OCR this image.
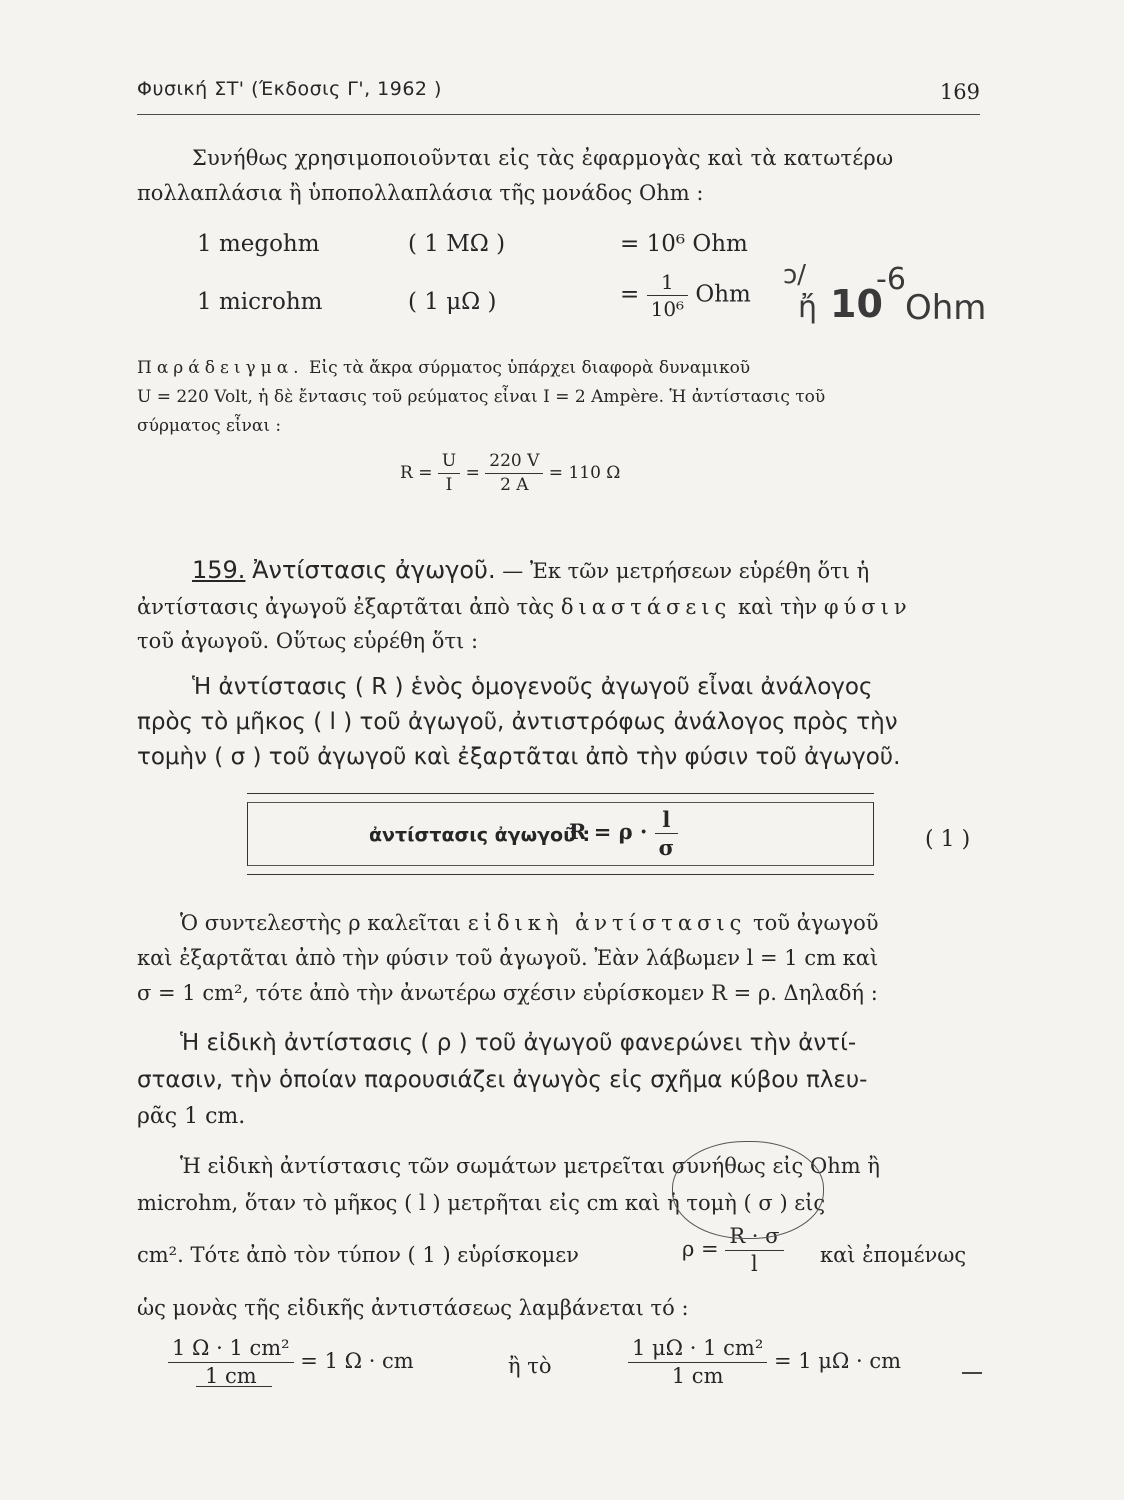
Φυσική ΣΤ' (Έκδοσις Γ', 1962 )	169
Συνήθως χρησιμοποιοῦνται εἰς τὰς ἐφαρμογὰς καὶ τὰ κατωτέρω
πολλαπλάσια ἢ ὑποπολλαπλάσια τῆς μονάδος Ohm :
1 megohm	( 1 MΩ )	= 10⁶ Ohm
1 microhm	( 1 μΩ )	= $\frac{1}{\text{10⁶}}$ Ohm
ͻ/
ἤ 10
-6
Ohm
Παράδειγμα. Εἰς τὰ ἄκρα σύρματος ὑπάρχει διαφορὰ δυναμικοῦ
U = 220 Volt, ἡ δὲ ἔντασις τοῦ ρεύματος εἶναι I = 2 Ampère. Ἡ ἀντίστασις τοῦ
σύρματος εἶναι :
$R = \frac{U}{I} = \frac{220 V}{2 A} = 110$ Ω
159. Ἀντίστασις ἀγωγοῦ. — Ἐκ τῶν μετρήσεων εὑρέθη ὅτι ἡ
ἀντίστασις ἀγωγοῦ ἐξαρτᾶται ἀπὸ τὰς διαστάσεις καὶ τὴν φύσιν
τοῦ ἀγωγοῦ. Οὕτως εὑρέθη ὅτι :
Ἡ ἀντίστασις ( R ) ἑνὸς ὁμογενοῦς ἀγωγοῦ εἶναι ἀνάλογος
πρὸς τὸ μῆκος ( l ) τοῦ ἀγωγοῦ, ἀντιστρόφως ἀνάλογος πρὸς τὴν
τομὴν ( σ ) τοῦ ἀγωγοῦ καὶ ἐξαρτᾶται ἀπὸ τὴν φύσιν τοῦ ἀγωγοῦ.
ἀντίστασις ἀγωγοῦ :
$R = \rho \cdot \frac{l}{\sigma}$	( 1 )
Ὁ συντελεστὴς ρ καλεῖται εἰδικὴ ἀντίστασις τοῦ ἀγωγοῦ
καὶ ἐξαρτᾶται ἀπὸ τὴν φύσιν τοῦ ἀγωγοῦ. Ἐὰν λάβωμεν l = 1 cm καὶ
σ = 1 cm², τότε ἀπὸ τὴν ἀνωτέρω σχέσιν εὑρίσκομεν R = ρ. Δηλαδή :
Ἡ εἰδικὴ ἀντίστασις ( ρ ) τοῦ ἀγωγοῦ φανερώνει τὴν ἀντί-
στασιν, τὴν ὁποίαν παρουσιάζει ἀγωγὸς εἰς σχῆμα κύβου πλευ-
ρᾶς 1 cm.
Ἡ εἰδικὴ ἀντίστασις τῶν σωμάτων μετρεῖται συνήθως εἰς Ohm ἢ
microhm, ὅταν τὸ μῆκος ( l ) μετρῆται εἰς cm καὶ ἡ τομὴ ( σ ) εἰς
cm². Τότε ἀπὸ τὸν τύπον ( 1 ) εὑρίσκομεν	$\rho = \frac{R \cdot \sigma}{l}$ καὶ ἐπομένως
ὡς μονὰς τῆς εἰδικῆς ἀντιστάσεως λαμβάνεται τό :
$\frac{\text{1 Ω · 1 cm²}}{1 cm} = 1$ Ω · cm	ἢ τὸ	$\frac{\text{1 μΩ · 1 cm²}}{1 cm} = 1$ μΩ · cm
